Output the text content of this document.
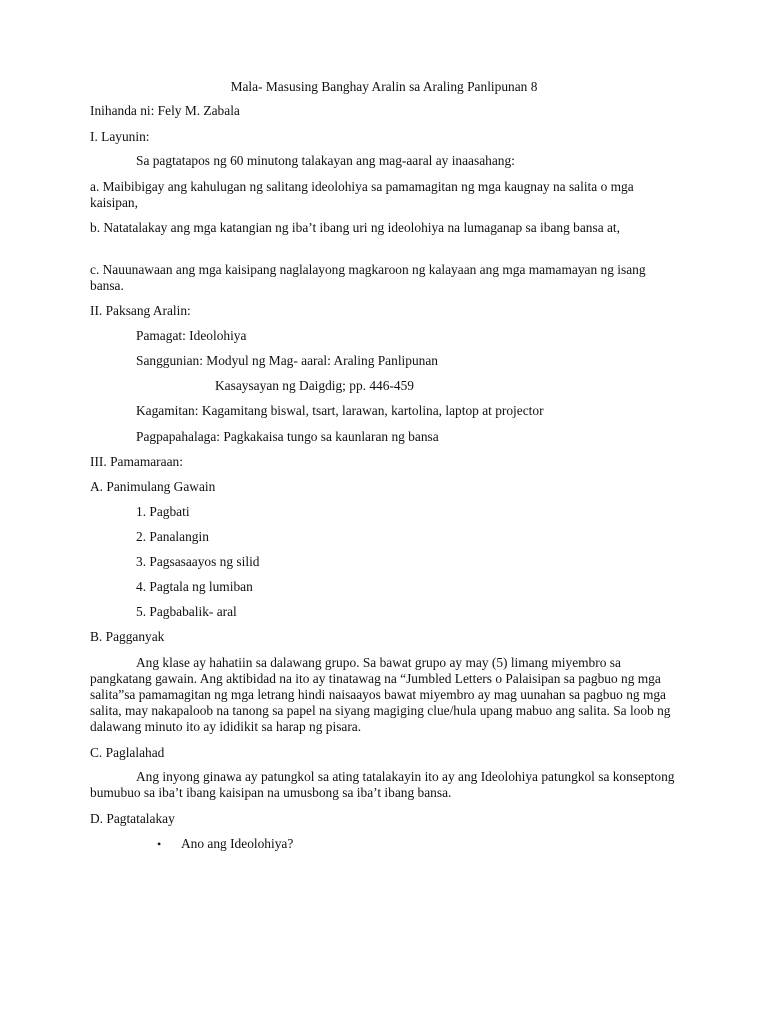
Mala- Masusing Banghay Aralin sa Araling Panlipunan 8
Inihanda ni: Fely M. Zabala
I. Layunin:
Sa pagtatapos ng 60 minutong talakayan ang mag-aaral ay inaasahang:
a. Maibibigay ang kahulugan ng salitang ideolohiya sa pamamagitan ng mga kaugnay na salita o mga kaisipan,
b. Natatalakay ang mga katangian ng iba’t ibang uri ng ideolohiya na lumaganap sa ibang bansa at,
c. Nauunawaan ang mga kaisipang naglalayong magkaroon ng kalayaan ang mga mamamayan ng isang bansa.
II. Paksang Aralin:
Pamagat: Ideolohiya
Sanggunian: Modyul ng Mag- aaral: Araling Panlipunan
Kasaysayan ng Daigdig; pp. 446-459
Kagamitan: Kagamitang biswal, tsart, larawan, kartolina, laptop at projector
Pagpapahalaga: Pagkakaisa tungo sa kaunlaran ng bansa
III. Pamamaraan:
A. Panimulang Gawain
1. Pagbati
2. Panalangin
3. Pagsasaayos ng silid
4. Pagtala ng lumiban
5. Pagbabalik- aral
B. Pagganyak
Ang klase ay hahatiin sa dalawang grupo. Sa bawat grupo ay may (5) limang miyembro sa pangkatang gawain. Ang aktibidad na ito ay tinatawag na “Jumbled Letters o Palaisipan sa pagbuo ng mga salita”sa pamamagitan ng mga letrang hindi naisaayos bawat miyembro ay mag uunahan sa pagbuo ng mga salita, may nakapaloob na tanong sa papel na siyang magiging clue/hula upang mabuo ang salita. Sa loob ng dalawang minuto ito ay ididikit sa harap ng pisara.
C. Paglalahad
Ang inyong ginawa ay patungkol sa ating tatalakayin ito ay ang Ideolohiya patungkol sa konseptong bumubuo sa iba’t ibang kaisipan na umusbong sa iba’t ibang bansa.
D. Pagtatalakay
• Ano ang Ideolohiya?
